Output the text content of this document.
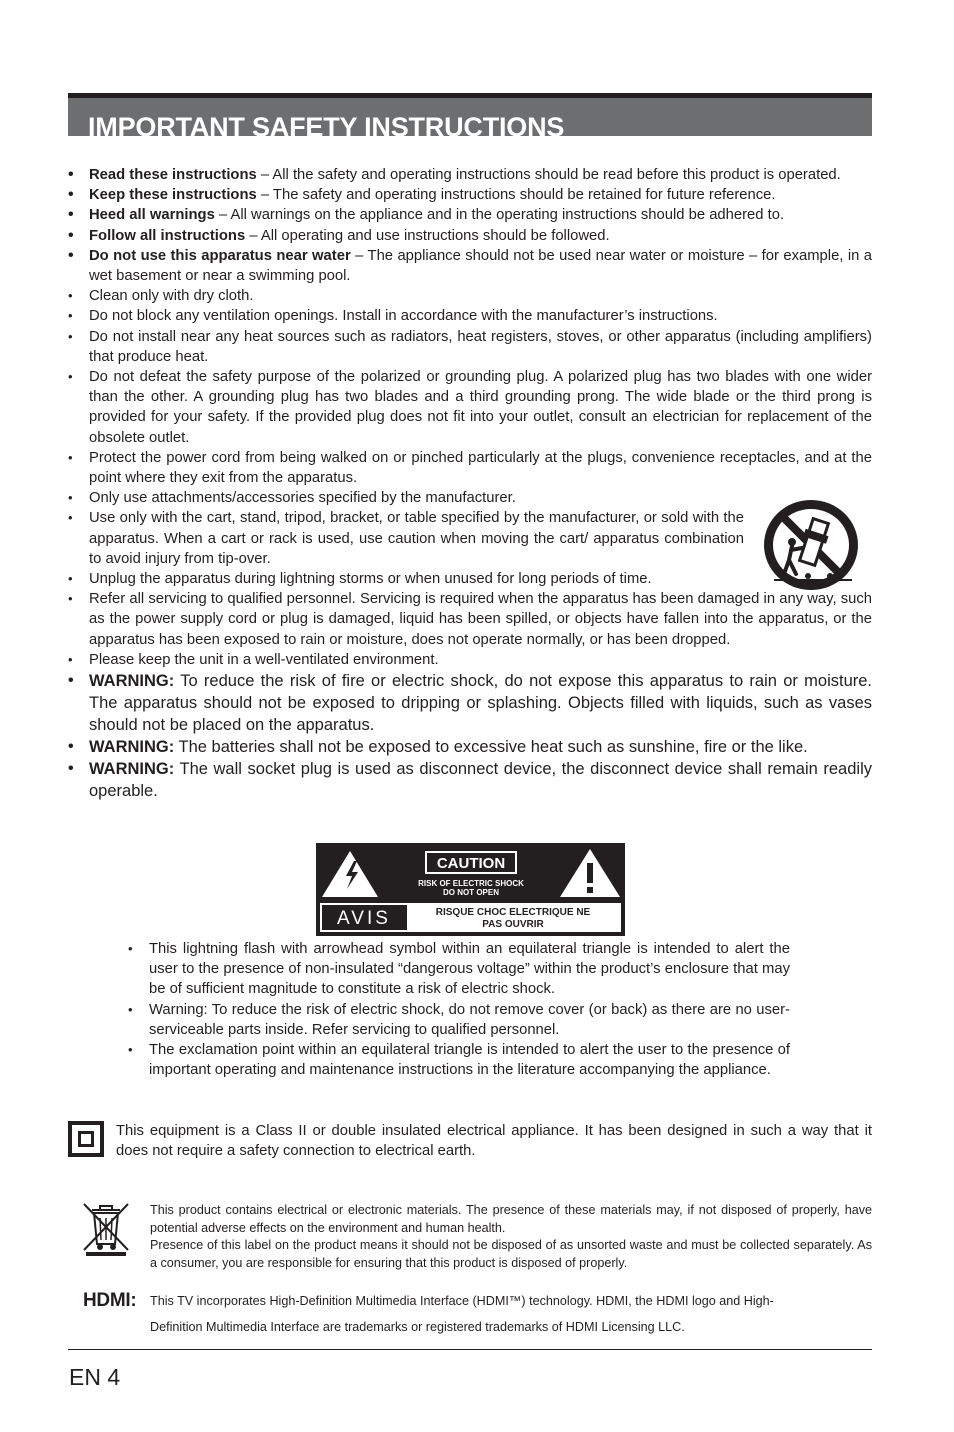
IMPORTANT SAFETY INSTRUCTIONS
• Read these instructions – All the safety and operating instructions should be read before this product is operated.
• Keep these instructions – The safety and operating instructions should be retained for future reference.
• Heed all warnings – All warnings on the appliance and in the operating instructions should be adhered to.
• Follow all instructions – All operating and use instructions should be followed.
• Do not use this apparatus near water – The appliance should not be used near water or moisture – for example, in a wet basement or near a swimming pool.
• Clean only with dry cloth.
• Do not block any ventilation openings. Install in accordance with the manufacturer’s instructions.
• Do not install near any heat sources such as radiators, heat registers, stoves, or other apparatus (including amplifiers) that produce heat.
• Do not defeat the safety purpose of the polarized or grounding plug. A polarized plug has two blades with one wider than the other. A grounding plug has two blades and a third grounding prong. The wide blade or the third prong is provided for your safety. If the provided plug does not fit into your outlet, consult an electrician for replacement of the obsolete outlet.
• Protect the power cord from being walked on or pinched particularly at the plugs, convenience receptacles, and at the point where they exit from the apparatus.
• Only use attachments/accessories specified by the manufacturer.
• Use only with the cart, stand, tripod, bracket, or table specified by the manufacturer, or sold with the apparatus. When a cart or rack is used, use caution when moving the cart/ apparatus combination to avoid injury from tip-over.
• Unplug the apparatus during lightning storms or when unused for long periods of time.
• Refer all servicing to qualified personnel. Servicing is required when the apparatus has been damaged in any way, such as the power supply cord or plug is damaged, liquid has been spilled, or objects have fallen into the apparatus, or the apparatus has been exposed to rain or moisture, does not operate normally, or has been dropped.
• Please keep the unit in a well-ventilated environment.
• WARNING: To reduce the risk of fire or electric shock, do not expose this apparatus to rain or moisture. The apparatus should not be exposed to dripping or splashing. Objects filled with liquids, such as vases should not be placed on the apparatus.
• WARNING: The batteries shall not be exposed to excessive heat such as sunshine, fire or the like.
• WARNING: The wall socket plug is used as disconnect device, the disconnect device shall remain readily operable.
CAUTION
RISK OF ELECTRIC SHOCK
DO NOT OPEN
AVIS	RISQUE CHOC ELECTRIQUE NE
PAS OUVRIR
• This lightning flash with arrowhead symbol within an equilateral triangle is intended to alert the user to the presence of non-insulated “dangerous voltage” within the product’s enclosure that may be of sufficient magnitude to constitute a risk of electric shock.
• Warning: To reduce the risk of electric shock, do not remove cover (or back) as there are no user-serviceable parts inside. Refer servicing to qualified personnel.
• The exclamation point within an equilateral triangle is intended to alert the user to the presence of important operating and maintenance instructions in the literature accompanying the appliance.
This equipment is a Class II or double insulated electrical appliance. It has been designed in such a way that it does not require a safety connection to electrical earth.

This product contains electrical or electronic materials. The presence of these materials may, if not disposed of properly, have potential adverse effects on the environment and human health.

Presence of this label on the product means it should not be disposed of as unsorted waste and must be collected separately. As a consumer, you are responsible for ensuring that this product is disposed of properly.

HDMI: This TV incorporates High-Definition Multimedia Interface (HDMI™) technology. HDMI, the HDMI logo and High-
Definition Multimedia Interface are trademarks or registered trademarks of HDMI Licensing LLC.
EN 4
